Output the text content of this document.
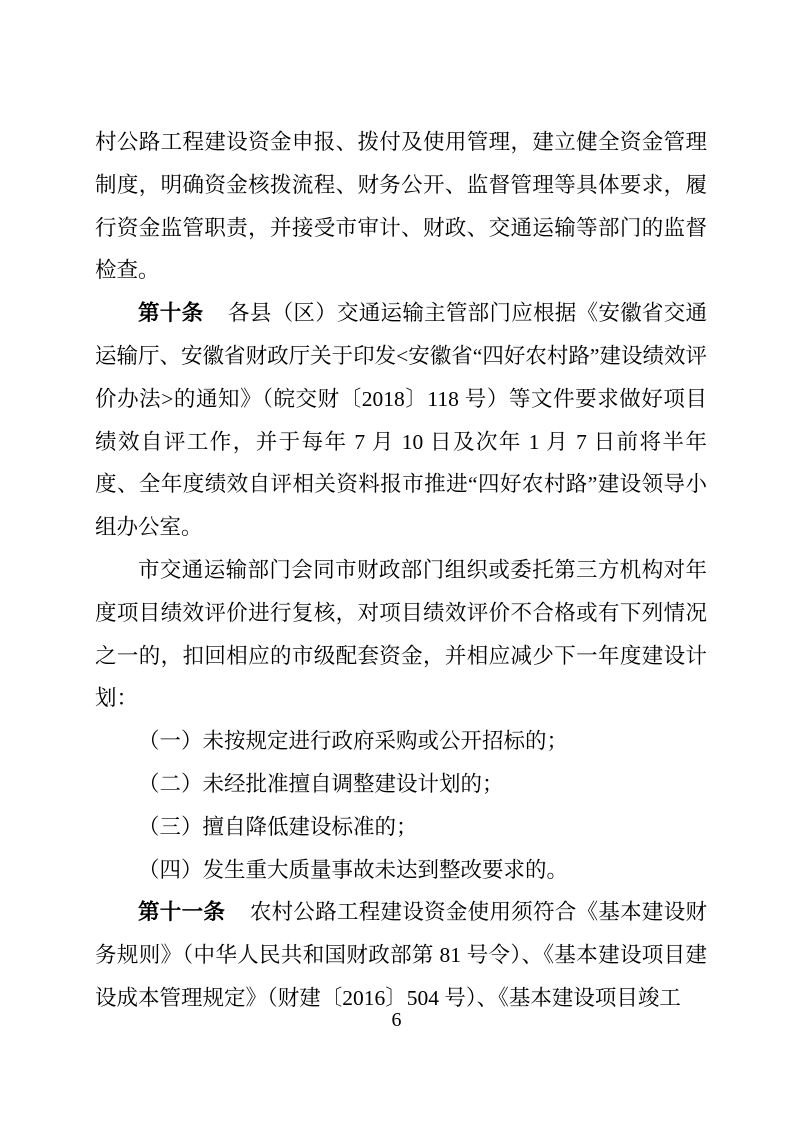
村公路工程建设资金申报、拨付及使用管理，建立健全资金管理制度，明确资金核拨流程、财务公开、监督管理等具体要求，履行资金监管职责，并接受市审计、财政、交通运输等部门的监督检查。

第十条 各县（区）交通运输主管部门应根据《安徽省交通运输厅、安徽省财政厅关于印发<安徽省“四好农村路”建设绩效评价办法>的通知》（皖交财〔2018〕118 号）等文件要求做好项目绩效自评工作，并于每年 7 月 10 日及次年 1 月 7 日前将半年度、全年度绩效自评相关资料报市推进“四好农村路”建设领导小组办公室。

市交通运输部门会同市财政部门组织或委托第三方机构对年度项目绩效评价进行复核，对项目绩效评价不合格或有下列情况之一的，扣回相应的市级配套资金，并相应减少下一年度建设计划：

（一）未按规定进行政府采购或公开招标的；

（二）未经批准擅自调整建设计划的；

（三）擅自降低建设标准的；

（四）发生重大质量事故未达到整改要求的。

第十一条 农村公路工程建设资金使用须符合《基本建设财务规则》（中华人民共和国财政部第 81 号令）、《基本建设项目建设成本管理规定》（财建〔2016〕504 号）、《基本建设项目竣工

6
